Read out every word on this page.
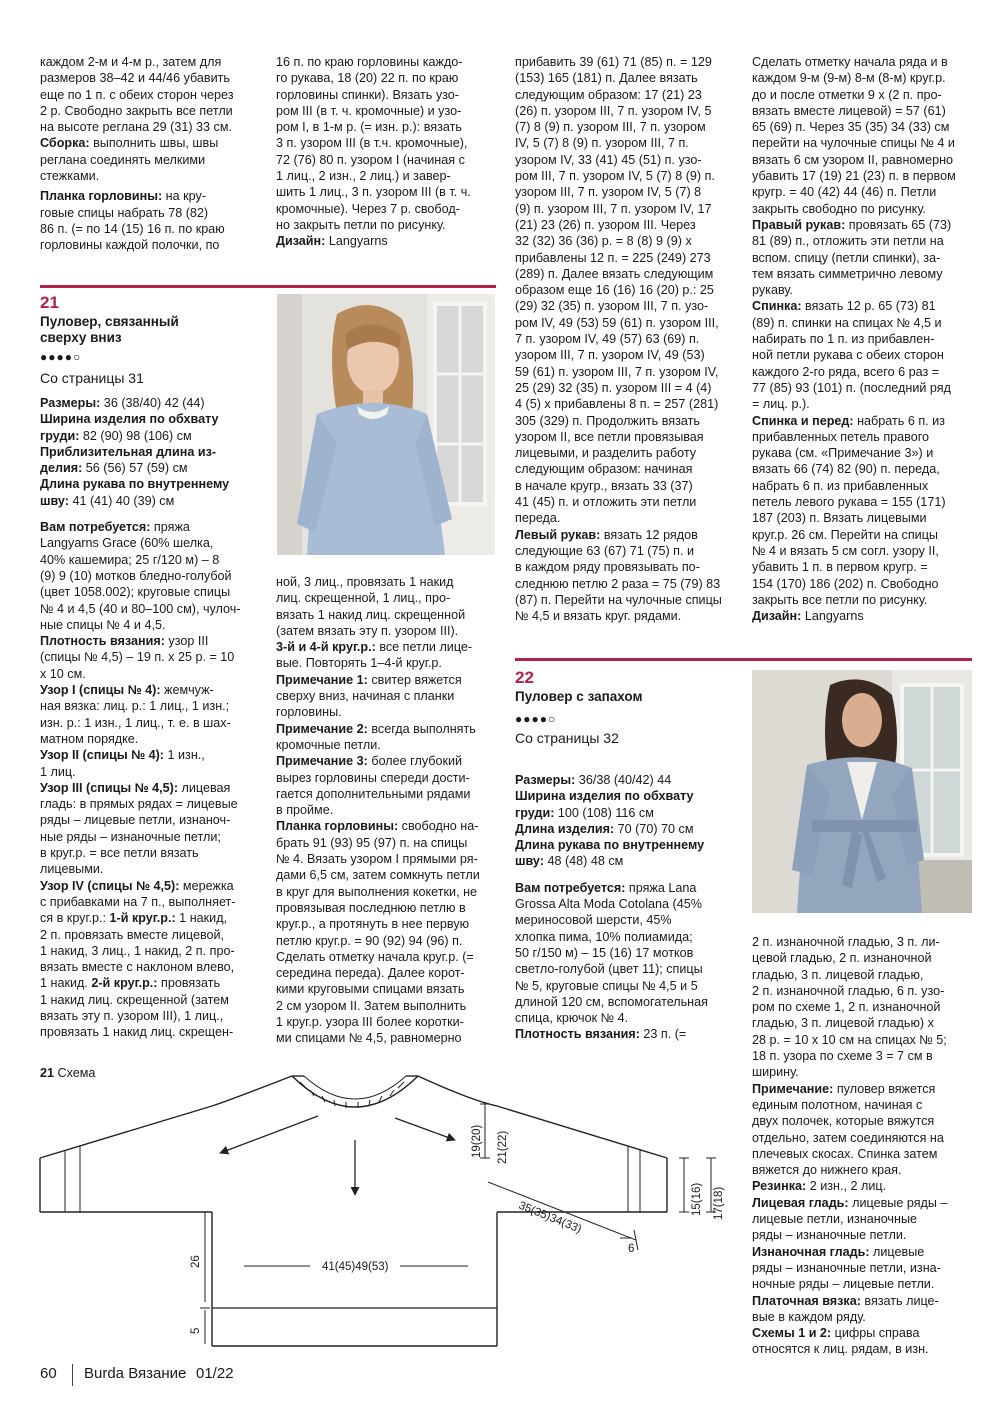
каждом 2-м и 4-м р., затем для

размеров 38–42 и 44/46 убавить

еще по 1 п. с обеих сторон через

2 р. Свободно закрыть все петли

на высоте реглана 29 (31) 33 см.

Сборка: выполнить швы, швы

реглана соединять мелкими

стежками.

Планка горловины: на кру-

говые спицы набрать 78 (82)

86 п. (= по 14 (15) 16 п. по краю

горловины каждой полочки, по

16 п. по краю горловины каждо-

го рукава, 18 (20) 22 п. по краю

горловины спинки). Вязать узо-

ром III (в т. ч. кромочные) и узо-

ром I, в 1-м р. (= изн. р.): вязать

3 п. узором III (в т.ч. кромочные),

72 (76) 80 п. узором I (начиная с

1 лиц., 2 изн., 2 лиц.) и завер-

шить 1 лиц., 3 п. узором III (в т. ч.

кромочные). Через 7 р. свобод-

но закрыть петли по рисунку.

Дизайн: Langyarns

прибавить 39 (61) 71 (85) п. = 129

(153) 165 (181) п. Далее вязать

следующим образом: 17 (21) 23

(26) п. узором III, 7 п. узором IV, 5

(7) 8 (9) п. узором III, 7 п. узором

IV, 5 (7) 8 (9) п. узором III, 7 п.

узором IV, 33 (41) 45 (51) п. узо-

ром III, 7 п. узором IV, 5 (7) 8 (9) п.

узором III, 7 п. узором IV, 5 (7) 8

(9) п. узором III, 7 п. узором IV, 17

(21) 23 (26) п. узором III. Через

32 (32) 36 (36) р. = 8 (8) 9 (9) х

прибавлены 12 п. = 225 (249) 273

(289) п. Далее вязать следующим

образом еще 16 (16) 16 (20) р.: 25

(29) 32 (35) п. узором III, 7 п. узо-

ром IV, 49 (53) 59 (61) п. узором III,

7 п. узором IV, 49 (57) 63 (69) п.

узором III, 7 п. узором IV, 49 (53)

59 (61) п. узором III, 7 п. узором IV,

25 (29) 32 (35) п. узором III = 4 (4)

4 (5) х прибавлены 8 п. = 257 (281)

305 (329) п. Продолжить вязать

узором II, все петли провязывая

лицевыми, и разделить работу

следующим образом: начиная

в начале кругр., вязать 33 (37)

41 (45) п. и отложить эти петли

переда.

Левый рукав: вязать 12 рядов

следующие 63 (67) 71 (75) п. и

в каждом ряду провязывать по-

следнюю петлю 2 раза = 75 (79) 83

(87) п. Перейти на чулочные спицы

№ 4,5 и вязать круг. рядами.

Сделать отметку начала ряда и в

каждом 9-м (9-м) 8-м (8-м) круг.р.

до и после отметки 9 х (2 п. про-

вязать вместе лицевой) = 57 (61)

65 (69) п. Через 35 (35) 34 (33) см

перейти на чулочные спицы № 4 и

вязать 6 см узором II, равномерно

убавить 17 (19) 21 (23) п. в первом

кругр. = 40 (42) 44 (46) п. Петли

закрыть свободно по рисунку.

Правый рукав: провязать 65 (73)

81 (89) п., отложить эти петли на

вспом. спицу (петли спинки), за-

тем вязать симметрично левому

рукаву.

Спинка: вязать 12 р. 65 (73) 81

(89) п. спинки на спицах № 4,5 и

набирать по 1 п. из прибавлен-

ной петли рукава с обеих сторон

каждого 2-го ряда, всего 6 раз =

77 (85) 93 (101) п. (последний ряд

= лиц. р.).

Спинка и перед: набрать 6 п. из

прибавленных петель правого

рукава (см. «Примечание 3») и

вязать 66 (74) 82 (90) п. переда,

набрать 6 п. из прибавленных

петель левого рукава = 155 (171)

187 (203) п. Вязать лицевыми

круг.р. 26 см. Перейти на спицы

№ 4 и вязать 5 см согл. узору II,

убавить 1 п. в первом кругр. =

154 (170) 186 (202) п. Свободно

закрыть все петли по рисунку.

Дизайн: Langyarns

21
Пуловер, связанный
сверху вниз
●●●●○
Со страницы 31

Размеры: 36 (38/40) 42 (44)

Ширина изделия по обхвату

груди: 82 (90) 98 (106) см

Приблизительная длина из-

делия: 56 (56) 57 (59) см

Длина рукава по внутреннему

шву: 41 (41) 40 (39) см

Вам потребуется: пряжа

Langyarns Grace (60% шелка,

40% кашемира; 25 г/120 м) – 8

(9) 9 (10) мотков бледно-голубой

(цвет 1058.002); круговые спицы

№ 4 и 4,5 (40 и 80–100 см), чулоч-

ные спицы № 4 и 4,5.

Плотность вязания: узор III

(спицы № 4,5) – 19 п. х 25 р. = 10

х 10 см.

Узор I (спицы № 4): жемчуж-

ная вязка: лиц. р.: 1 лиц., 1 изн.;

изн. р.: 1 изн., 1 лиц., т. е. в шах-

матном порядке.

Узор II (спицы № 4): 1 изн.,

1 лиц.

Узор III (спицы № 4,5): лицевая

гладь: в прямых рядах = лицевые

ряды – лицевые петли, изнаноч-

ные ряды – изнаночные петли;

в круг.р. = все петли вязать

лицевыми.

Узор IV (спицы № 4,5): мережка

с прибавками на 7 п., выполняет-

ся в круг.р.: 1-й круг.р.: 1 накид,

2 п. провязать вместе лицевой,

1 накид, 3 лиц., 1 накид, 2 п. про-

вязать вместе с наклоном влево,

1 накид. 2-й круг.р.: провязать

1 накид лиц. скрещенной (затем

вязать эту п. узором III), 1 лиц.,

провязать 1 накид лиц. скрещен-

ной, 3 лиц., провязать 1 накид

лиц. скрещенной, 1 лиц., про-

вязать 1 накид лиц. скрещенной

(затем вязать эту п. узором III).

3-й и 4-й круг.р.: все петли лице-

вые. Повторять 1–4-й круг.р.

Примечание 1: свитер вяжется

сверху вниз, начиная с планки

горловины.

Примечание 2: всегда выполнять

кромочные петли.

Примечание 3: более глубокий

вырез горловины спереди дости-

гается дополнительными рядами

в пройме.

Планка горловины: свободно на-

брать 91 (93) 95 (97) п. на спицы

№ 4. Вязать узором I прямыми ря-

дами 6,5 см, затем сомкнуть петли

в круг для выполнения кокетки, не

провязывая последнюю петлю в

круг.р., а протянуть в нее первую

петлю круг.р. = 90 (92) 94 (96) п.

Сделать отметку начала круг.р. (=

середина переда). Далее корот-

кими круговыми спицами вязать

2 см узором II. Затем выполнить

1 круг.р. узора III более коротки-

ми спицами № 4,5, равномерно

22
Пуловер с запахом
●●●●○
Со страницы 32

Размеры: 36/38 (40/42) 44

Ширина изделия по обхвату

груди: 100 (108) 116 см

Длина изделия: 70 (70) 70 см

Длина рукава по внутреннему

шву: 48 (48) 48 см

Вам потребуется: пряжа Lana

Grossa Alta Moda Cotolana (45%

мериносовой шерсти, 45%

хлопка пима, 10% полиамида;

50 г/150 м) – 15 (16) 17 мотков

светло-голубой (цвет 11); спицы

№ 5, круговые спицы № 4,5 и 5

длиной 120 см, вспомогательная

спица, крючок № 4.

Плотность вязания: 23 п. (=

2 п. изнаночной гладью, 3 п. ли-

цевой гладью, 2 п. изнаночной

гладью, 3 п. лицевой гладью,

2 п. изнаночной гладью, 6 п. узо-

ром по схеме 1, 2 п. изнаночной

гладью, 3 п. лицевой гладью) х

28 р. = 10 х 10 см на спицах № 5;

18 п. узора по схеме 3 = 7 см в

ширину.

Примечание: пуловер вяжется

единым полотном, начиная с

двух полочек, которые вяжутся

отдельно, затем соединяются на

плечевых скосах. Спинка затем

вяжется до нижнего края.

Резинка: 2 изн., 2 лиц.

Лицевая гладь: лицевые ряды –

лицевые петли, изнаночные

ряды – изнаночные петли.

Изнаночная гладь: лицевые

ряды – изнаночные петли, изна-

ночные ряды – лицевые петли.

Платочная вязка: вязать лице-

вые в каждом ряду.

Схемы 1 и 2: цифры справа

относятся к лиц. рядам, в изн.

21 Схема
19(20) 21(22)
35(35)34(33)
6
15(16) 17(18)
41(45)49(53)
26
5
60 Burda Вязание 01/22
